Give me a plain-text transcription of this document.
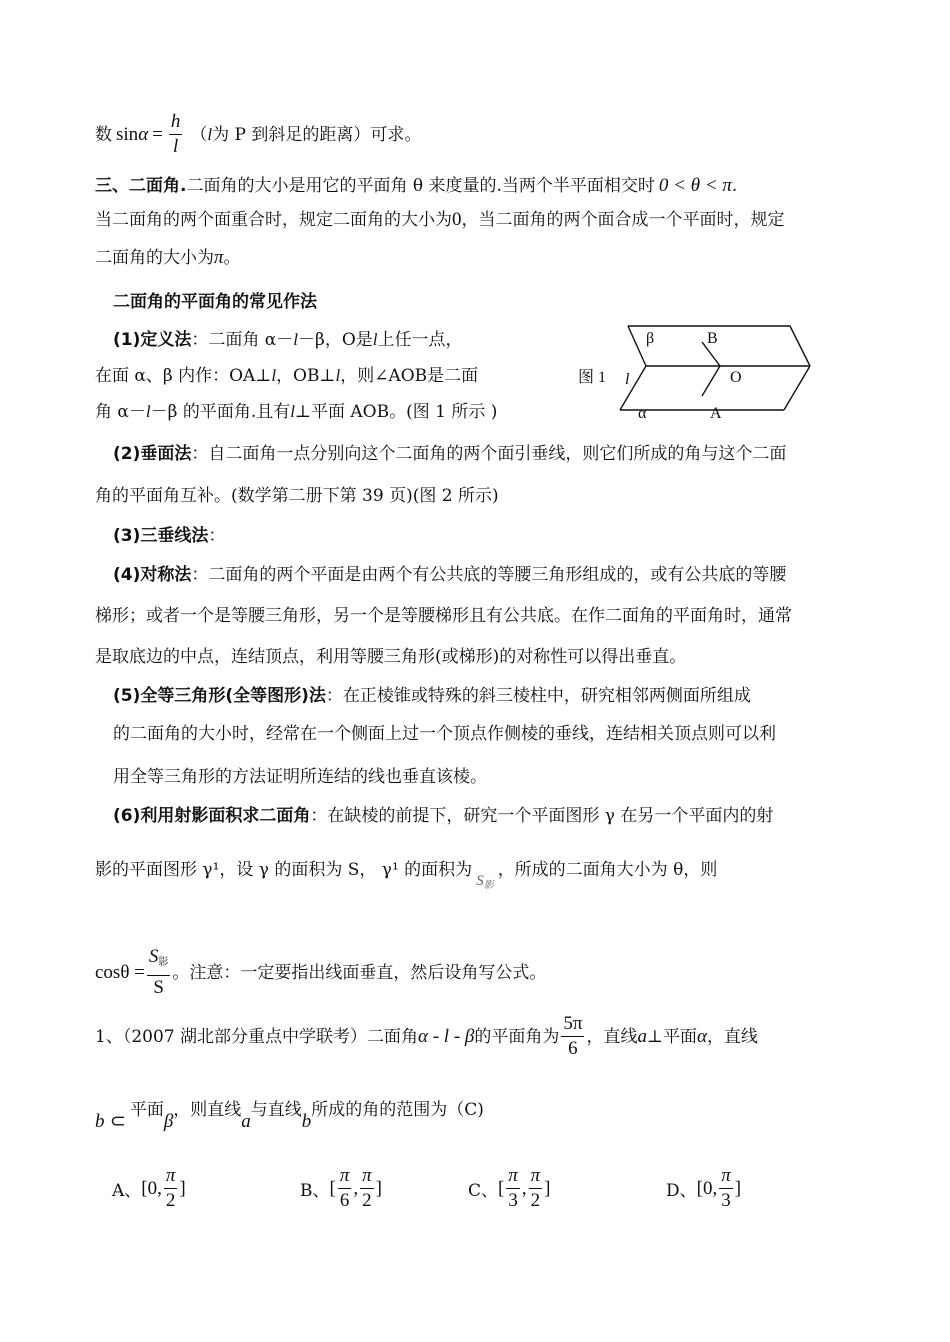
数 $\sin \alpha = \frac{h}{l}$ （ l 为 P 到斜足的距离）可求。
三、二面角.二面角的大小是用它的平面角 θ 来度量的.当两个半平面相交时 0 < θ < π.
当二面角的两个面重合时，规定二面角的大小为0，当二面角的两个面合成一个平面时，规定
二面角的大小为π。
二面角的平面角的常见作法
(1)定义法：二面角 α－l－β，O是l上任一点，
在面 α、β 内作：OA⊥l，OB⊥l，则∠AOB是二面
角 α－l－β 的平面角.且有l⊥平面 AOB。(图 1 所示 )
图 1 l
β	B
O
α	A
(2)垂面法：自二面角一点分别向这个二面角的两个面引垂线，则它们所成的角与这个二面
角的平面角互补。(数学第二册下第 39 页)(图 2 所示)
(3)三垂线法：
(4)对称法：二面角的两个平面是由两个有公共底的等腰三角形组成的，或有公共底的等腰
梯形；或者一个是等腰三角形，另一个是等腰梯形且有公共底。在作二面角的平面角时，通常
是取底边的中点，连结顶点，利用等腰三角形(或梯形)的对称性可以得出垂直。
(5)全等三角形(全等图形)法：在正棱锥或特殊的斜三棱柱中，研究相邻两侧面所组成
的二面角的大小时，经常在一个侧面上过一个顶点作侧棱的垂线，连结相关顶点则可以利
用全等三角形的方法证明所连结的线也垂直该棱。
(6)利用射影面积求二面角：在缺棱的前提下，研究一个平面图形 γ 在另一个平面内的射
影的平面图形 γ¹，设 γ 的面积为 S， γ¹ 的面积为$S_影$，所成的二面角大小为 θ，则
$\cos\theta = \frac{S_影}{S}$ 。注意：一定要指出线面垂直，然后设角写公式。
1、（2007 湖北部分重点中学联考）二面角 α - l - β 的平面角为 $\frac{5\pi}{6}$ ，直线 a ⊥平面 α ，直线
b ⊂平面β，则直线a与直线b所成的角的范围为（C)
A、 [ 0 , $\frac{\pi}{2}$ ]	B、 [ $\frac{\pi}{6}$ , $\frac{\pi}{2}$ ]	C、 [ $\frac{\pi}{3}$ , $\frac{\pi}{2}$ ]	D、 [ 0 , $\frac{\pi}{3}$ ]
